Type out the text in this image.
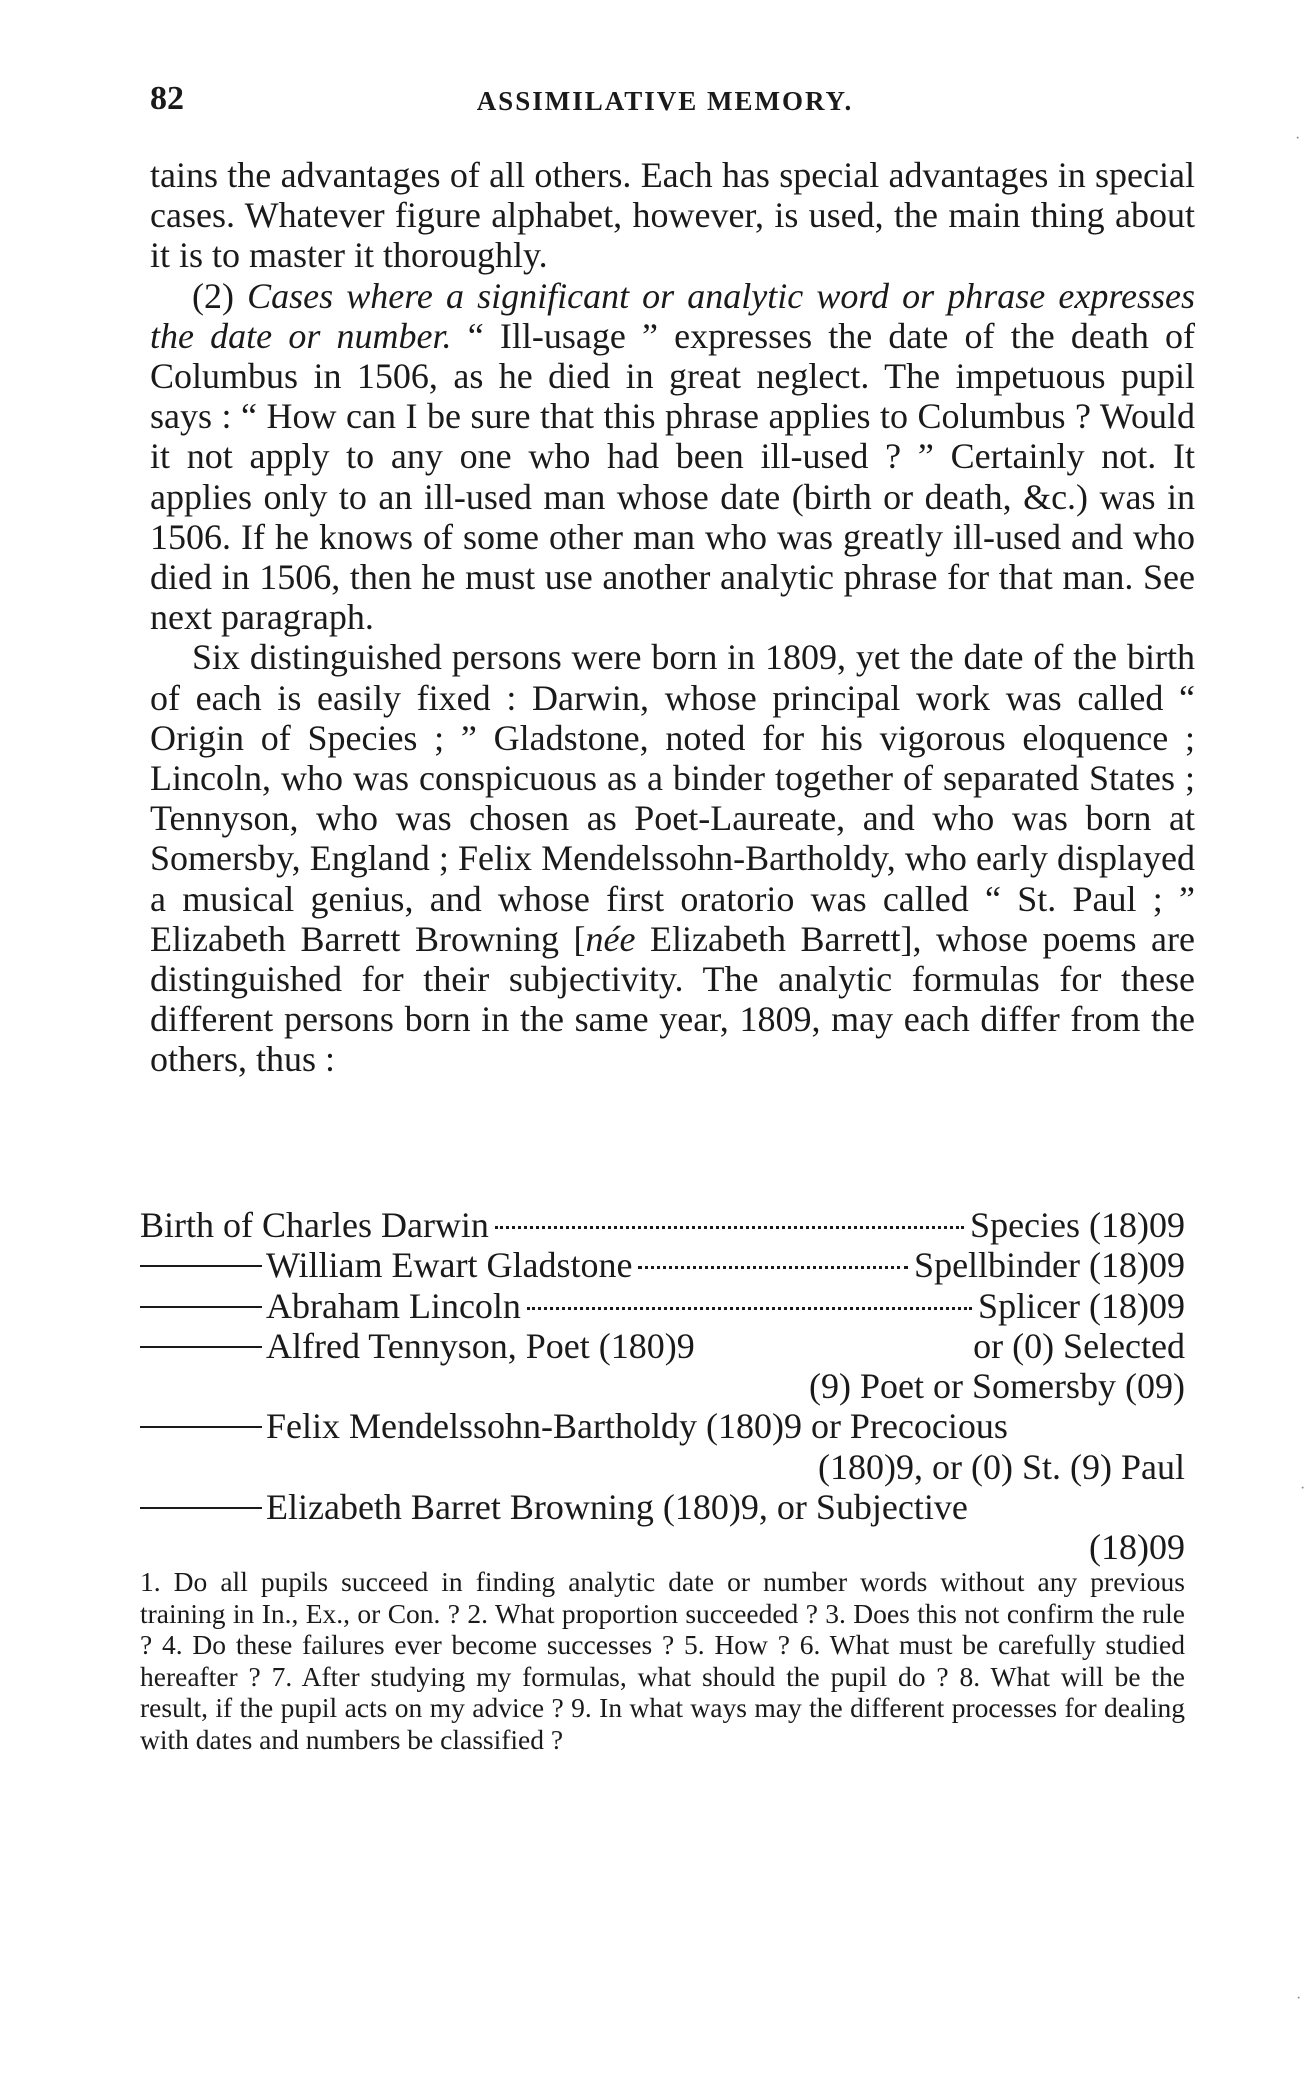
82	ASSIMILATIVE MEMORY.

tains the advantages of all others. Each has special advantages in special cases. Whatever figure alphabet, however, is used, the main thing about it is to master it thoroughly.

(2) Cases where a significant or analytic word or phrase expresses the date or number. “ Ill-usage ” expresses the date of the death of Columbus in 1506, as he died in great neglect. The impetuous pupil says : “ How can I be sure that this phrase applies to Columbus ? Would it not apply to any one who had been ill-used ? ” Certainly not. It applies only to an ill-used man whose date (birth or death, &c.) was in 1506. If he knows of some other man who was greatly ill-used and who died in 1506, then he must use another analytic phrase for that man. See next paragraph.

Six distinguished persons were born in 1809, yet the date of the birth of each is easily fixed : Darwin, whose principal work was called “ Origin of Species ; ” Gladstone, noted for his vigorous eloquence ; Lincoln, who was conspicuous as a binder together of separated States ; Tennyson, who was chosen as Poet-Laureate, and who was born at Somersby, England ; Felix Mendelssohn-Bartholdy, who early displayed a musical genius, and whose first oratorio was called “ St. Paul ; ” Elizabeth Barrett Browning [née Elizabeth Barrett], whose poems are distinguished for their subjectivity. The analytic formulas for these different persons born in the same year, 1809, may each differ from the others, thus :

Birth of Charles Darwin	Species (18)09
William Ewart Gladstone	Spellbinder (18)09
Abraham Lincoln	Splicer (18)09
Alfred Tennyson, Poet (180)9	or (0) Selected
(9) Poet or Somersby (09)
Felix Mendelssohn-Bartholdy (180)9 or Precocious
(180)9, or (0) St. (9) Paul
Elizabeth Barret Browning (180)9, or Subjective
(18)09
1. Do all pupils succeed in finding analytic date or number words without any previous training in In., Ex., or Con. ? 2. What proportion succeeded ? 3. Does this not confirm the rule ? 4. Do these failures ever become successes ? 5. How ? 6. What must be carefully studied hereafter ? 7. After studying my formulas, what should the pupil do ? 8. What will be the result, if the pupil acts on my advice ? 9. In what ways may the different processes for dealing with dates and numbers be classified ?
·
·
·
